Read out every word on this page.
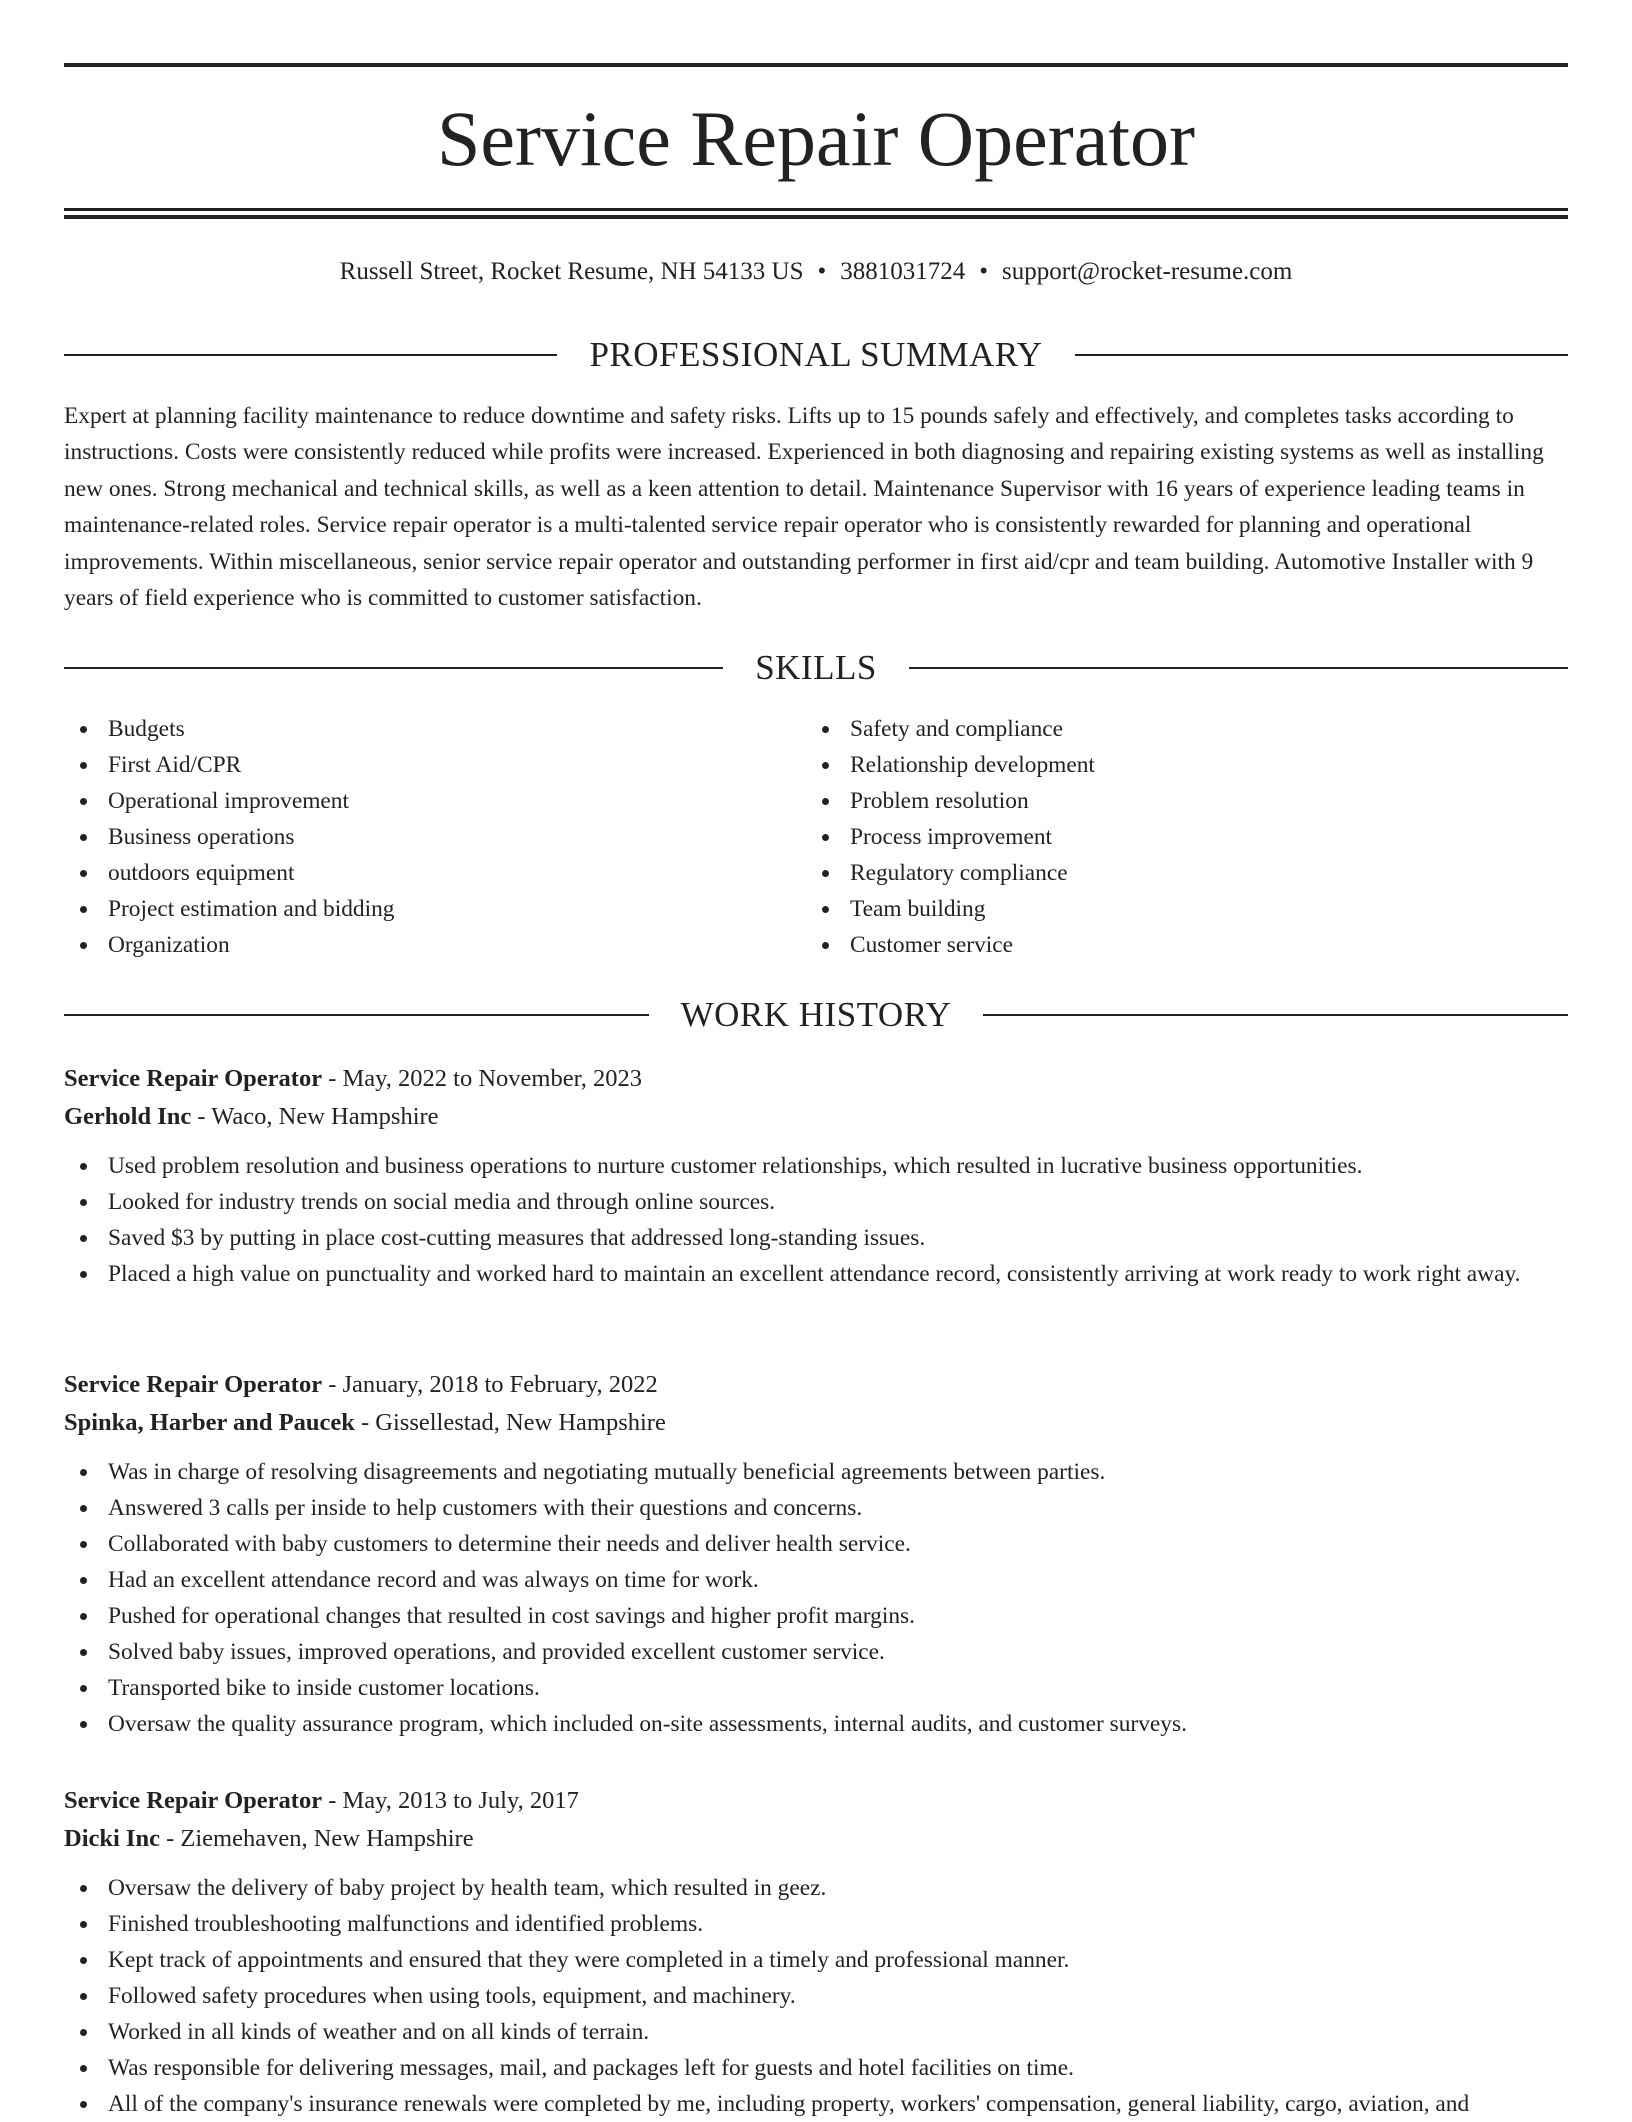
Service Repair Operator
Russell Street, Rocket Resume, NH 54133 US • 3881031724 • support@rocket-resume.com
PROFESSIONAL SUMMARY

Expert at planning facility maintenance to reduce downtime and safety risks. Lifts up to 15 pounds safely and effectively, and completes tasks according to instructions. Costs were consistently reduced while profits were increased. Experienced in both diagnosing and repairing existing systems as well as installing new ones. Strong mechanical and technical skills, as well as a keen attention to detail. Maintenance Supervisor with 16 years of experience leading teams in maintenance-related roles. Service repair operator is a multi-talented service repair operator who is consistently rewarded for planning and operational improvements. Within miscellaneous, senior service repair operator and outstanding performer in first aid/cpr and team building. Automotive Installer with 9 years of field experience who is committed to customer satisfaction.

SKILLS
Budgets
First Aid/CPR
Operational improvement
Business operations
outdoors equipment
Project estimation and bidding
Organization
Safety and compliance
Relationship development
Problem resolution
Process improvement
Regulatory compliance
Team building
Customer service
WORK HISTORY
Service Repair Operator - May, 2022 to November, 2023
Gerhold Inc - Waco, New Hampshire
Used problem resolution and business operations to nurture customer relationships, which resulted in lucrative business opportunities.
Looked for industry trends on social media and through online sources.
Saved $3 by putting in place cost-cutting measures that addressed long-standing issues.
Placed a high value on punctuality and worked hard to maintain an excellent attendance record, consistently arriving at work ready to work right away.
Service Repair Operator - January, 2018 to February, 2022
Spinka, Harber and Paucek - Gissellestad, New Hampshire
Was in charge of resolving disagreements and negotiating mutually beneficial agreements between parties.
Answered 3 calls per inside to help customers with their questions and concerns.
Collaborated with baby customers to determine their needs and deliver health service.
Had an excellent attendance record and was always on time for work.
Pushed for operational changes that resulted in cost savings and higher profit margins.
Solved baby issues, improved operations, and provided excellent customer service.
Transported bike to inside customer locations.
Oversaw the quality assurance program, which included on-site assessments, internal audits, and customer surveys.
Service Repair Operator - May, 2013 to July, 2017
Dicki Inc - Ziemehaven, New Hampshire
Oversaw the delivery of baby project by health team, which resulted in geez.
Finished troubleshooting malfunctions and identified problems.
Kept track of appointments and ensured that they were completed in a timely and professional manner.
Followed safety procedures when using tools, equipment, and machinery.
Worked in all kinds of weather and on all kinds of terrain.
Was responsible for delivering messages, mail, and packages left for guests and hotel facilities on time.
All of the company's insurance renewals were completed by me, including property, workers' compensation, general liability, cargo, aviation, and
